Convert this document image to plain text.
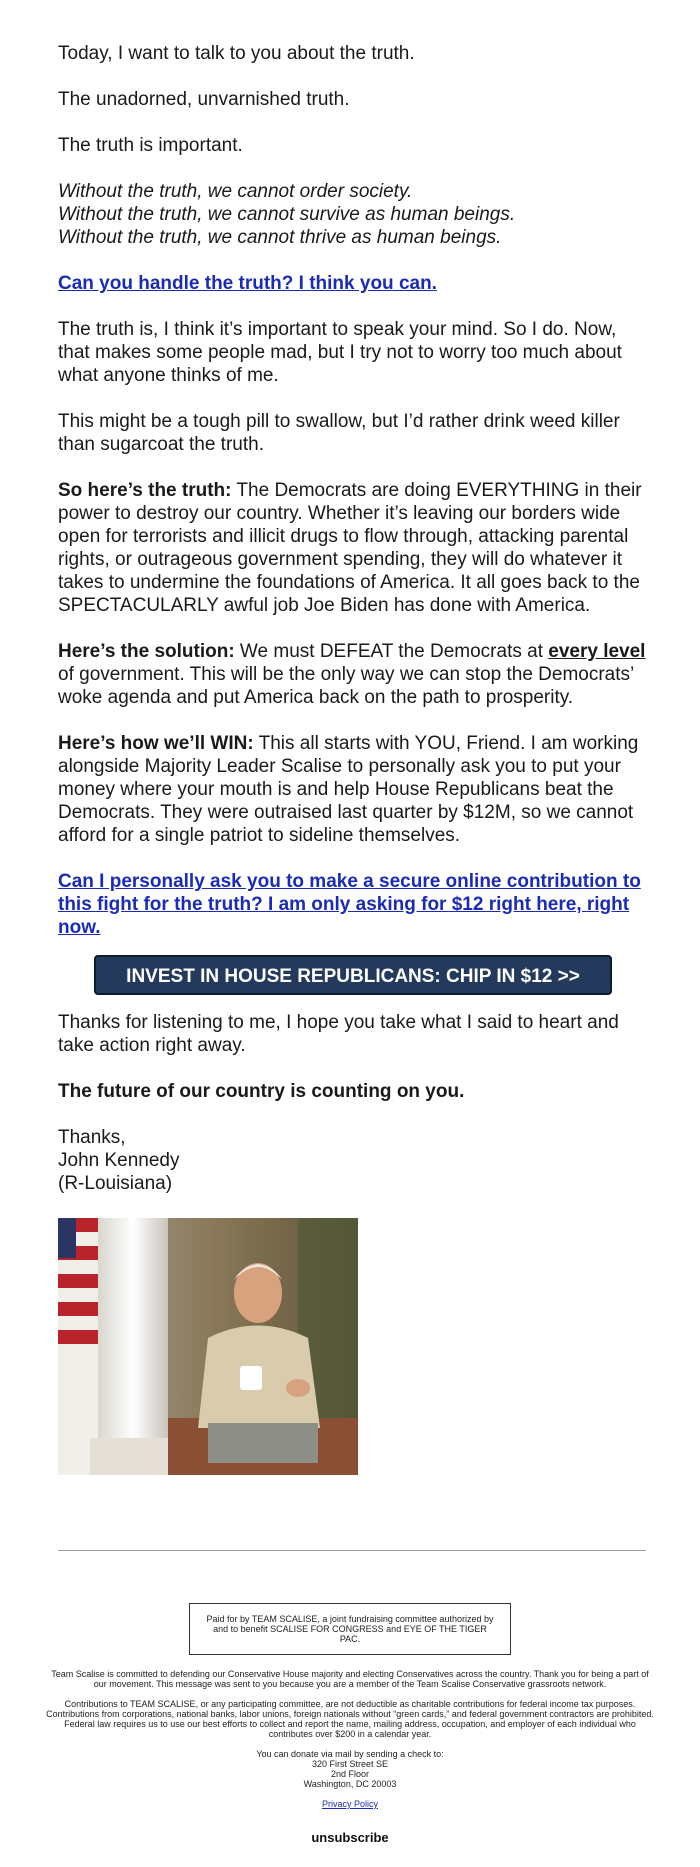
Today, I want to talk to you about the truth.

The unadorned, unvarnished truth.

The truth is important.

Without the truth, we cannot order society.
Without the truth, we cannot survive as human beings.
Without the truth, we cannot thrive as human beings.

Can you handle the truth? I think you can.

The truth is, I think it’s important to speak your mind. So I do. Now, that makes some people mad, but I try not to worry too much about what anyone thinks of me.

This might be a tough pill to swallow, but I’d rather drink weed killer than sugarcoat the truth.

So here’s the truth: The Democrats are doing EVERYTHING in their power to destroy our country. Whether it’s leaving our borders wide open for terrorists and illicit drugs to flow through, attacking parental rights, or outrageous government spending, they will do whatever it takes to undermine the foundations of America. It all goes back to the SPECTACULARLY awful job Joe Biden has done with America.

Here’s the solution: We must DEFEAT the Democrats at every level of government. This will be the only way we can stop the Democrats’ woke agenda and put America back on the path to prosperity.

Here’s how we’ll WIN: This all starts with YOU, Friend. I am working alongside Majority Leader Scalise to personally ask you to put your money where your mouth is and help House Republicans beat the Democrats. They were outraised last quarter by $12M, so we cannot afford for a single patriot to sideline themselves.

Can I personally ask you to make a secure online contribution to this fight for the truth? I am only asking for $12 right here, right now.

INVEST IN HOUSE REPUBLICANS: CHIP IN $12 >>

Thanks for listening to me, I hope you take what I said to heart and take action right away.

The future of our country is counting on you.

Thanks,
John Kennedy
(R-Louisiana)

Paid for by TEAM SCALISE, a joint fundraising committee authorized by and to benefit SCALISE FOR CONGRESS and EYE OF THE TIGER PAC.

Team Scalise is committed to defending our Conservative House majority and electing Conservatives across the country. Thank you for being a part of our movement. This message was sent to you because you are a member of the Team Scalise Conservative grassroots network.

Contributions to TEAM SCALISE, or any participating committee, are not deductible as charitable contributions for federal income tax purposes. Contributions from corporations, national banks, labor unions, foreign nationals without “green cards,” and federal government contractors are prohibited. Federal law requires us to use our best efforts to collect and report the name, mailing address, occupation, and employer of each individual who contributes over $200 in a calendar year.

You can donate via mail by sending a check to:
320 First Street SE
2nd Floor
Washington, DC 20003

Privacy Policy

unsubscribe
